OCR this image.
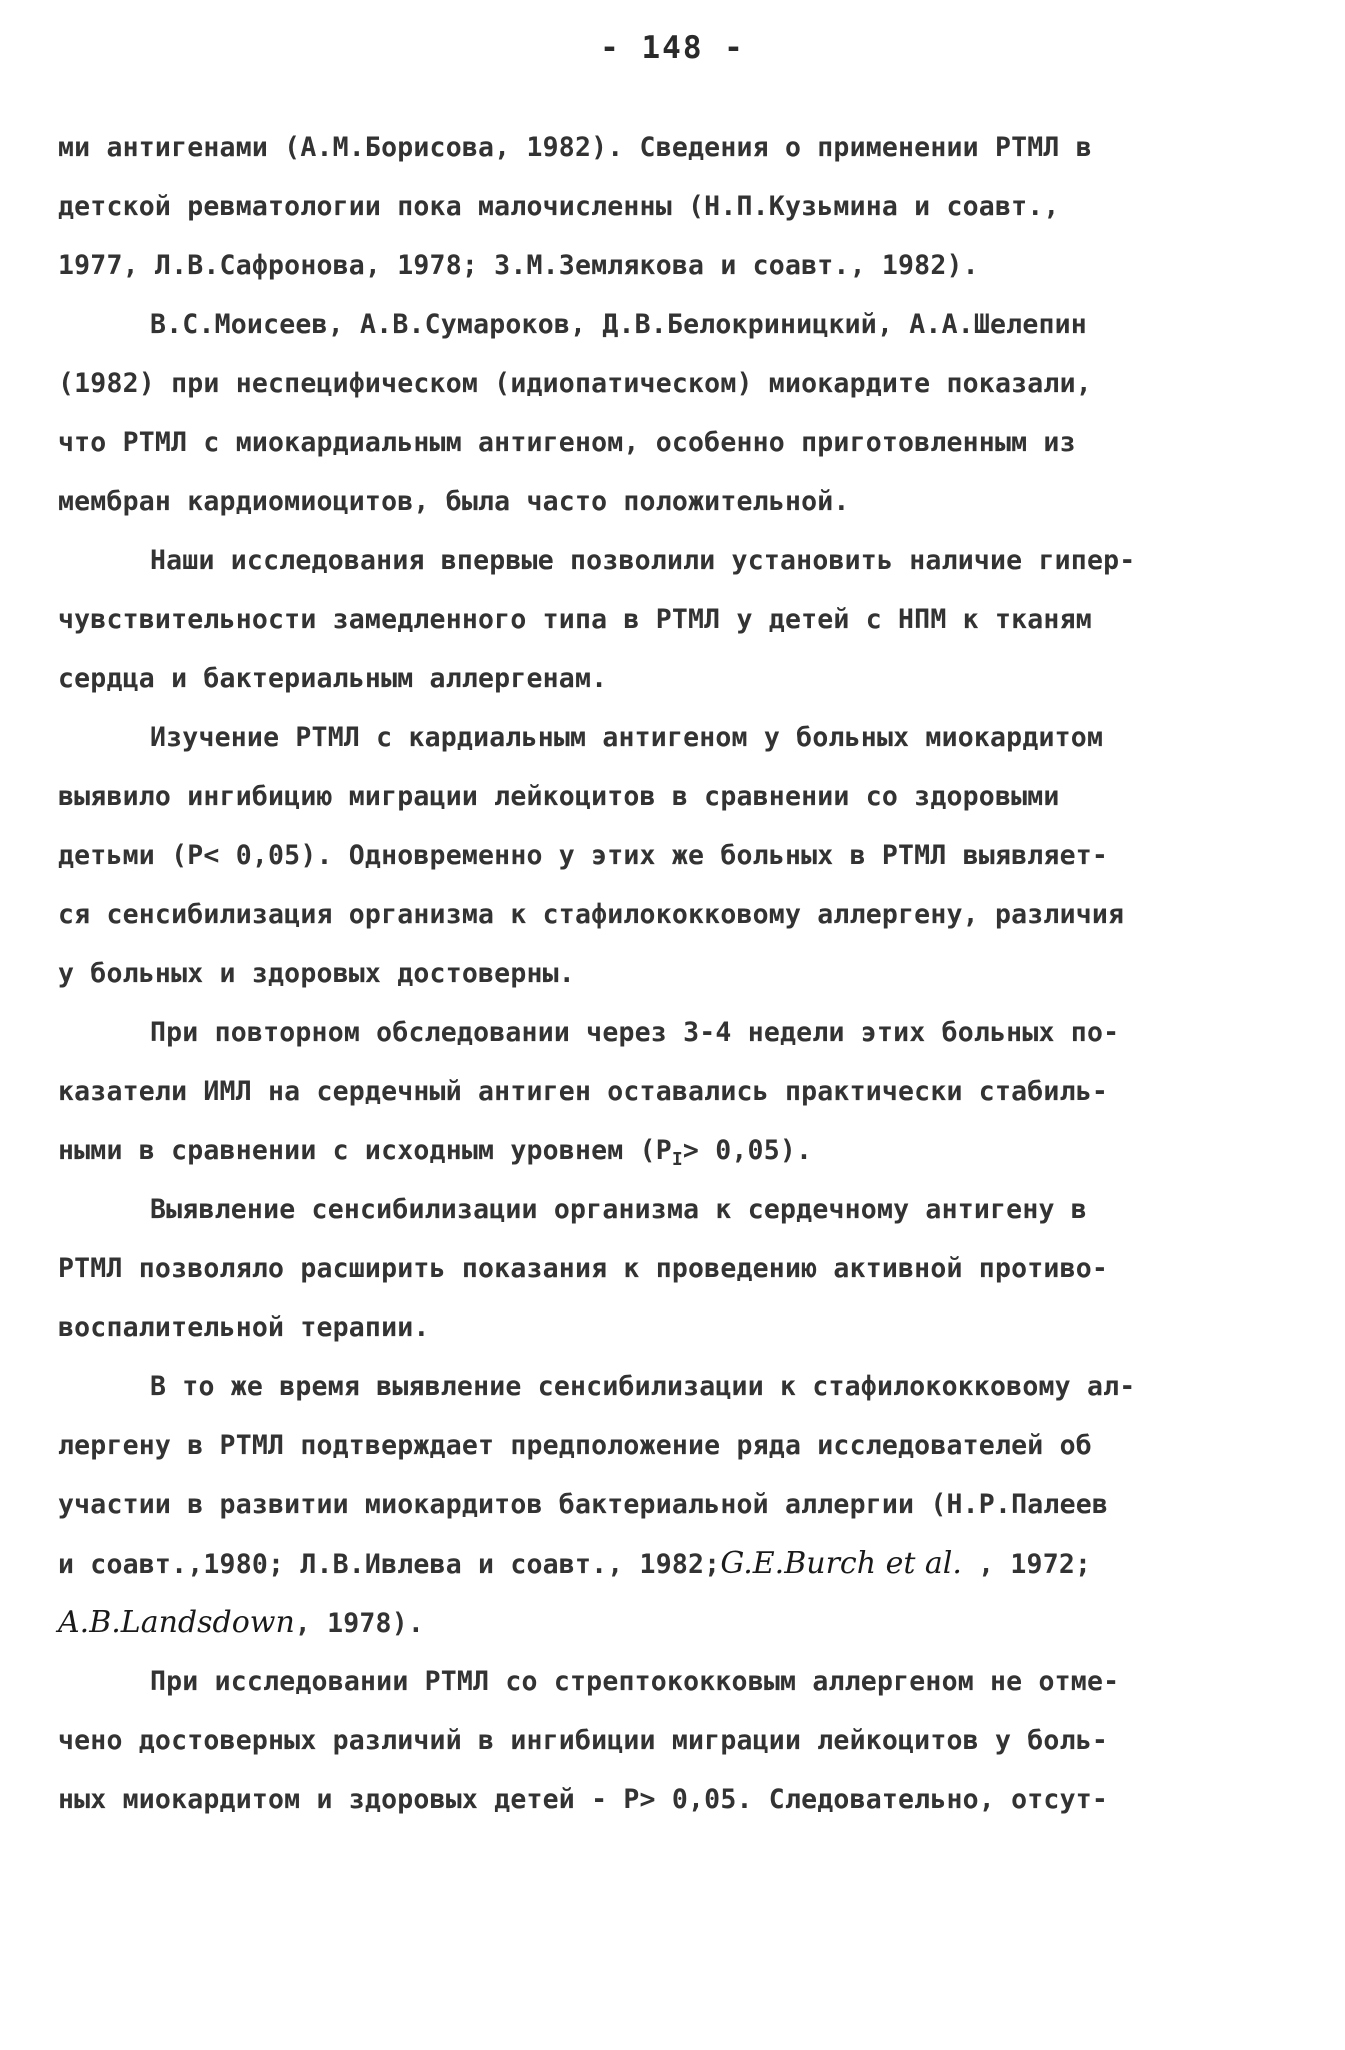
- 148 -
ми антигенами (А.М.Борисова, 1982). Сведения о применении РТМЛ в
детской ревматологии пока малочисленны (Н.П.Кузьмина и соавт.,
1977, Л.В.Сафронова, 1978; З.М.Землякова и соавт., 1982).
В.С.Моисеев, А.В.Сумароков, Д.В.Белокриницкий, А.А.Шелепин
(1982) при неспецифическом (идиопатическом) миокардите показали,
что РТМЛ с миокардиальным антигеном, особенно приготовленным из
мембран кардиомиоцитов, была часто положительной.
Наши исследования впервые позволили установить наличие гипер-
чувствительности замедленного типа в РТМЛ у детей с НПМ к тканям
сердца и бактериальным аллергенам.
Изучение РТМЛ с кардиальным антигеном у больных миокардитом
выявило ингибицию миграции лейкоцитов в сравнении со здоровыми
детьми (Р< 0,05). Одновременно у этих же больных в РТМЛ выявляет-
ся сенсибилизация организма к стафилококковому аллергену, различия
у больных и здоровых достоверны.
При повторном обследовании через 3-4 недели этих больных по-
казатели ИМЛ на сердечный антиген оставались практически стабиль-
ными в сравнении с исходным уровнем $(Р_I> 0,05)$.
Выявление сенсибилизации организма к сердечному антигену в
РТМЛ позволяло расширить показания к проведению активной противо-
воспалительной терапии.
В то же время выявление сенсибилизации к стафилококковому ал-
лергену в РТМЛ подтверждает предположение ряда исследователей об
участии в развитии миокардитов бактериальной аллергии (Н.Р.Палеев
и соавт.,1980; Л.В.Ивлева и соавт., 1982;G.E.Burch et al. , 1972;
A.B.Landsdown, 1978).
При исследовании РТМЛ со стрептококковым аллергеном не отме-
чено достоверных различий в ингибиции миграции лейкоцитов у боль-
ных миокардитом и здоровых детей - Р> 0,05. Следовательно, отсут-
